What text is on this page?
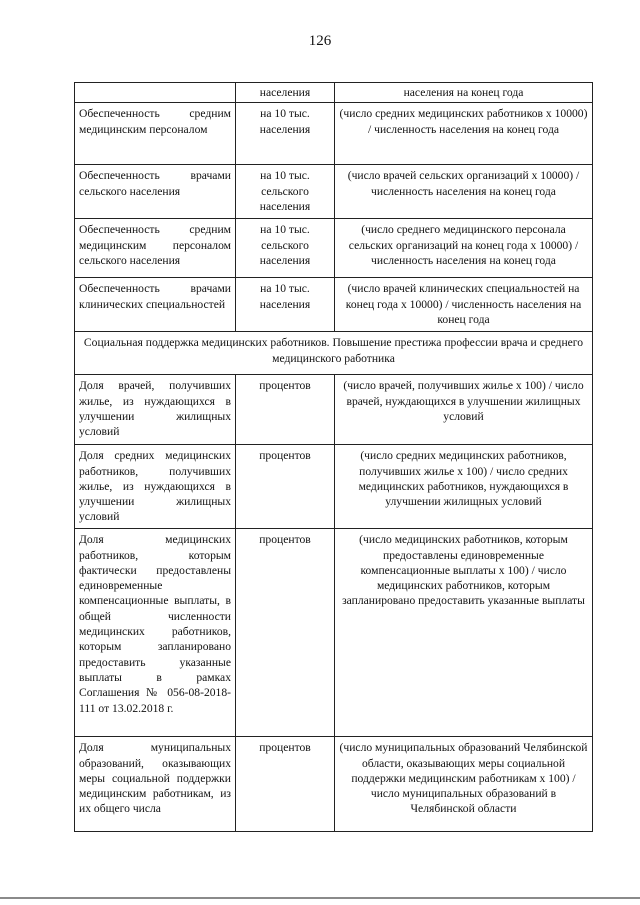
126
	населения	населения на конец года
Обеспеченность средним медицинским персоналом	на 10 тыс. населения	(число средних медицинских работников х 10000) / численность населения на конец года
Обеспеченность врачами сельского населения	на 10 тыс. сельского населения	(число врачей сельских организаций х 10000) / численность населения на конец года
Обеспеченность средним медицинским персоналом сельского населения	на 10 тыс. сельского населения	(число среднего медицинского персонала сельских организаций на конец года х 10000) / численность населения на конец года
Обеспеченность врачами клинических специальностей	на 10 тыс. населения	(число врачей клинических специальностей на конец года х 10000) / численность населения на конец года
Социальная поддержка медицинских работников. Повышение престижа профессии врача и среднего медицинского работника		
Доля врачей, получивших жилье, из нуждающихся в улучшении жилищных условий	процентов	(число врачей, получивших жилье х 100) / число врачей, нуждающихся в улучшении жилищных условий
Доля средних медицинских работников, получивших жилье, из нуждающихся в улучшении жилищных условий	процентов	(число средних медицинских работников, получивших жилье х 100) / число средних медицинских работников, нуждающихся в улучшении жилищных условий
Доля медицинских работников, которым фактически предоставлены единовременные компенсационные выплаты, в общей численности медицинских работников, которым запланировано предоставить указанные выплаты в рамках Соглашения № 056-08-2018-111 от 13.02.2018 г.	процентов	(число медицинских работников, которым предоставлены единовременные компенсационные выплаты х 100) / число медицинских работников, которым запланировано предоставить указанные выплаты
Доля муниципальных образований, оказывающих меры социальной поддержки медицинским работникам, из их общего числа	процентов	(число муниципальных образований Челябинской области, оказывающих меры социальной поддержки медицинским работникам х 100) / число муниципальных образований в Челябинской области
